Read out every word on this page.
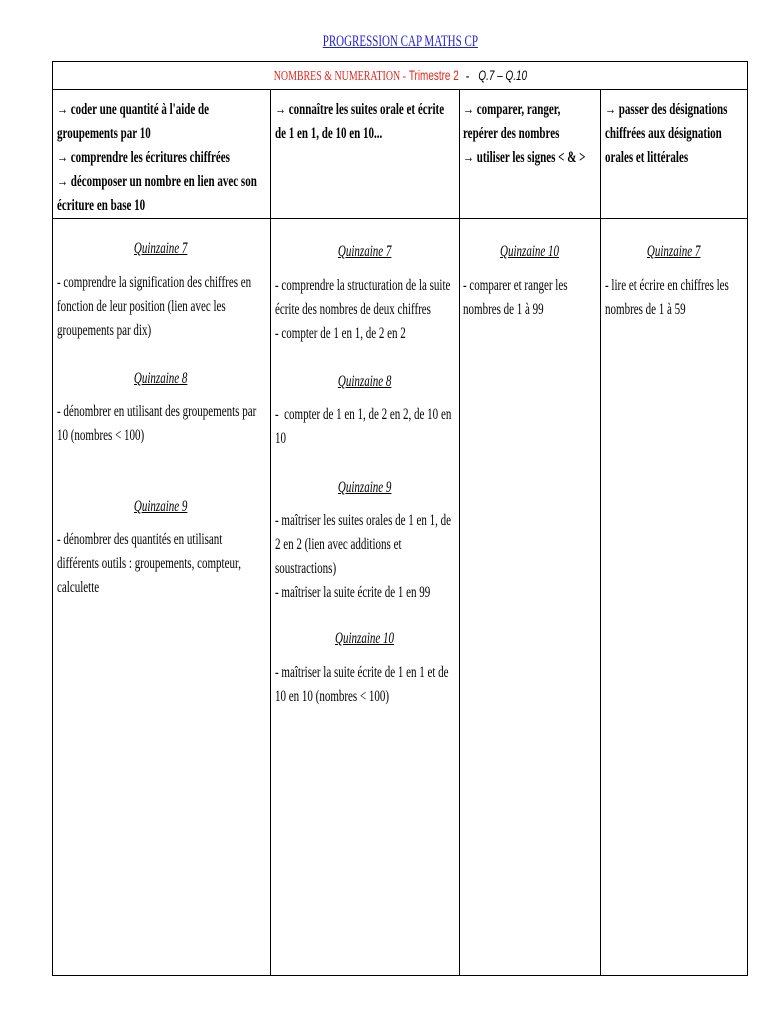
PROGRESSION CAP MATHS CP
NOMBRES & NUMERATION - Trimestre 2 - Q.7 – Q.10
→ coder une quantité à l'aide de
groupements par 10
→ comprendre les écritures chiffrées
→ décomposer un nombre en lien avec son
écriture en base 10
→ connaître les suites orale et écrite
de 1 en 1, de 10 en 10...
→ comparer, ranger,
repérer des nombres
→ utiliser les signes < & >
→ passer des désignations
chiffrées aux désignation
orales et littérales
Quinzaine 7
- comprendre la signification des chiffres en
fonction de leur position (lien avec les
groupements par dix)
Quinzaine 8
- dénombrer en utilisant des groupements par
10 (nombres < 100)
Quinzaine 9
- dénombrer des quantités en utilisant
différents outils : groupements, compteur,
calculette
Quinzaine 7
- comprendre la structuration de la suite
écrite des nombres de deux chiffres
- compter de 1 en 1, de 2 en 2
Quinzaine 8
-  compter de 1 en 1, de 2 en 2, de 10 en
10
Quinzaine 9
- maîtriser les suites orales de 1 en 1, de
2 en 2 (lien avec additions et
soustractions)
- maîtriser la suite écrite de 1 en 99
Quinzaine 10
- maîtriser la suite écrite de 1 en 1 et de
10 en 10 (nombres < 100)
Quinzaine 10
- comparer et ranger les
nombres de 1 à 99
Quinzaine 7
- lire et écrire en chiffres les
nombres de 1 à 59
